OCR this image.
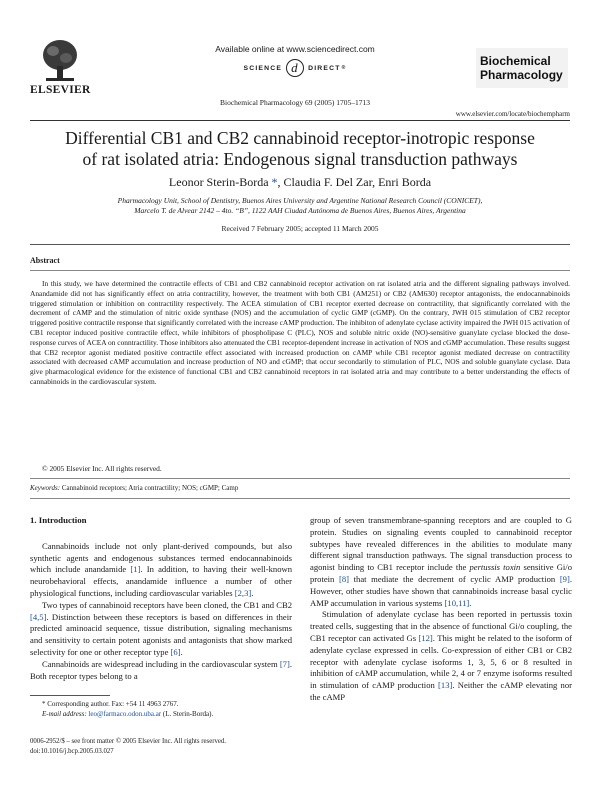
ELSEVIER
Available online at www.sciencedirect.com
SCIENCE
d	DIRECT ®
Biochemical Pharmacology 69 (2005) 1705–1713
Biochemical
Pharmacology
www.elsevier.com/locate/biochempharm
Differential CB1 and CB2 cannabinoid receptor-inotropic response
of rat isolated atria: Endogenous signal transduction pathways
Leonor Sterin-Borda *, Claudia F. Del Zar, Enri Borda
Pharmacology Unit, School of Dentistry, Buenos Aires University and Argentine National Research Council (CONICET),
Marcelo T. de Alvear 2142 – 4to. “B”, 1122 AAH Ciudad Autónoma de Buenos Aires, Buenos Aires, Argentina
Received 7 February 2005; accepted 11 March 2005
Abstract
In this study, we have determined the contractile effects of CB1 and CB2 cannabinoid receptor activation on rat isolated atria and the different signaling pathways involved. Anandamide did not has significantly effect on atria contractility, however, the treatment with both CB1 (AM251) or CB2 (AM630) receptor antagonists, the endocannabinoids triggered stimulation or inhibition on contractility respectively. The ACEA stimulation of CB1 receptor exerted decrease on contractility, that significantly correlated with the decrement of cAMP and the stimulation of nitric oxide synthase (NOS) and the accumulation of cyclic GMP (cGMP). On the contrary, JWH 015 stimulation of CB2 receptor triggered positive contractile response that significantly correlated with the increase cAMP production. The inhibiton of adenylate cyclase activity impaired the JWH 015 activation of CB1 receptor induced positive contractile effect, while inhibitors of phospholipase C (PLC), NOS and soluble nitric oxide (NO)-sensitive guanylate cyclase blocked the dose-response curves of ACEA on conntractility. Those inhibitors also attenuated the CB1 receptor-dependent increase in activation of NOS and cGMP accumulation. These results suggest that CB2 receptor agonist mediated positive contractile effect associated with increased production on cAMP while CB1 receptor agonist mediated decrease on contractility associated with decreased cAMP accumulation and increase production of NO and cGMP; that occur secondarily to stimulation of PLC, NOS and soluble guanylate cyclase. Data give pharmacological evidence for the existence of functional CB1 and CB2 cannabinoid receptors in rat isolated atria and may contribute to a better understanding the effects of cannabinoids in the cardiovascular system.
© 2005 Elsevier Inc. All rights reserved.
Keywords: Cannabinoid receptors; Atria contractility; NOS; cGMP; Camp
1. Introduction

Cannabinoids include not only plant-derived compounds, but also synthetic agents and endogenous substances termed endocannabinoids which include anandamide [1]. In addition, to having their well-known neurobehavioral effects, anandamide influence a number of other physiological functions, including cardiovascular variables [2,3].

Two types of cannabinoid receptors have been cloned, the CB1 and CB2 [4,5]. Distinction between these receptors is based on differences in their predicted aminoacid sequence, tissue distribution, signaling mechanisms and sensitivity to certain potent agonists and antagonists that show marked selectivity for one or other receptor type [6].

Cannabinoids are widespread including in the cardiovascular system [7]. Both receptor types belong to a

group of seven transmembrane-spanning receptors and are coupled to G protein. Studies on signaling events coupled to cannabinoid receptor subtypes have revealed differences in the abilities to modulate many different signal transduction pathways. The signal transduction process to agonist binding to CB1 receptor include the pertussis toxin sensitive Gi/o protein [8] that mediate the decrement of cyclic AMP production [9]. However, other studies have shown that cannabinoids increase basal cyclic AMP accumulation in various systems [10,11].

Stimulation of adenylate cyclase has been reported in pertussis toxin treated cells, suggesting that in the absence of functional Gi/o coupling, the CB1 receptor can activated Gs [12]. This might be related to the isoform of adenylate cyclase expressed in cells. Co-expression of either CB1 or CB2 receptor with adenylate cyclase isoforms 1, 3, 5, 6 or 8 resulted in inhibition of cAMP accumulation, while 2, 4 or 7 enzyme isoforms resulted in stimulation of cAMP production [13]. Neither the cAMP elevating nor the cAMP

* Corresponding author. Fax: +54 11 4963 2767.
E-mail address: leo@farmaco.odon.uba.ar (L. Sterin-Borda).
0006-2952/$ – see front matter © 2005 Elsevier Inc. All rights reserved.
doi:10.1016/j.bcp.2005.03.027
